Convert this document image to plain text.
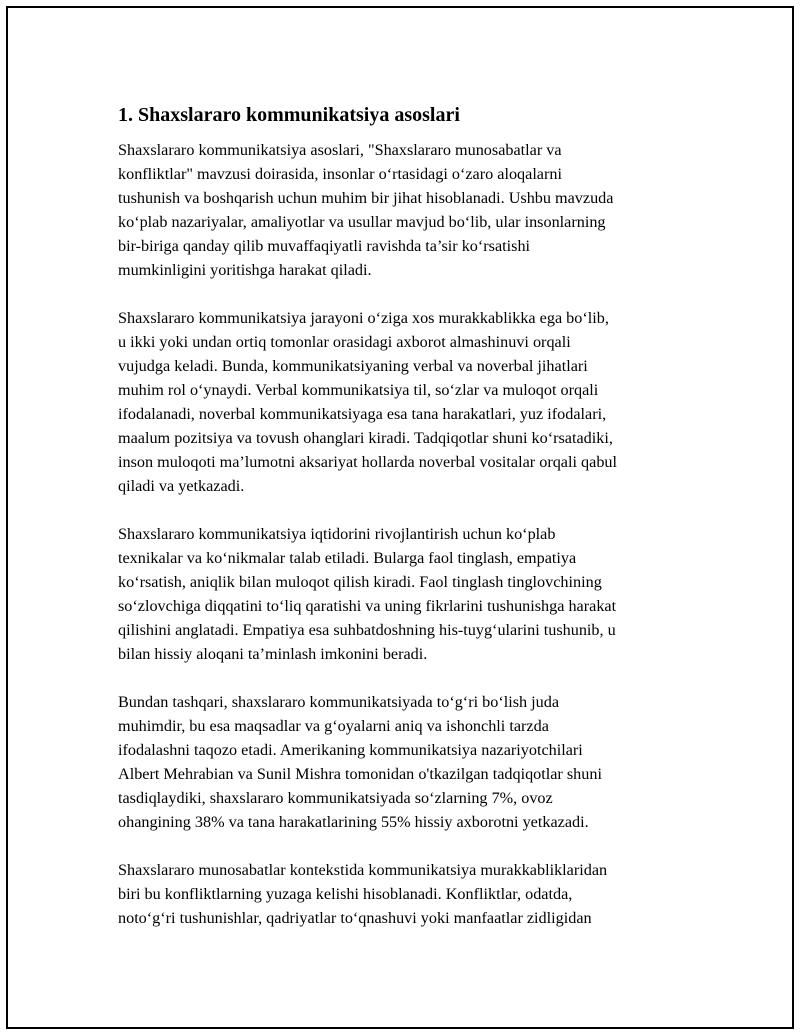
1. Shaxslararo kommunikatsiya asoslari
Shaxslararo kommunikatsiya asoslari, "Shaxslararo munosabatlar va
konfliktlar" mavzusi doirasida, insonlar o‘rtasidagi o‘zaro aloqalarni
tushunish va boshqarish uchun muhim bir jihat hisoblanadi. Ushbu mavzuda
ko‘plab nazariyalar, amaliyotlar va usullar mavjud bo‘lib, ular insonlarning
bir-biriga qanday qilib muvaffaqiyatli ravishda ta’sir ko‘rsatishi
mumkinligini yoritishga harakat qiladi.
Shaxslararo kommunikatsiya jarayoni o‘ziga xos murakkablikka ega bo‘lib,
u ikki yoki undan ortiq tomonlar orasidagi axborot almashinuvi orqali
vujudga keladi. Bunda, kommunikatsiyaning verbal va noverbal jihatlari
muhim rol o‘ynaydi. Verbal kommunikatsiya til, so‘zlar va muloqot orqali
ifodalanadi, noverbal kommunikatsiyaga esa tana harakatlari, yuz ifodalari,
maalum pozitsiya va tovush ohanglari kiradi. Tadqiqotlar shuni ko‘rsatadiki,
inson muloqoti ma’lumotni aksariyat hollarda noverbal vositalar orqali qabul
qiladi va yetkazadi.
Shaxslararo kommunikatsiya iqtidorini rivojlantirish uchun ko‘plab
texnikalar va ko‘nikmalar talab etiladi. Bularga faol tinglash, empatiya
ko‘rsatish, aniqlik bilan muloqot qilish kiradi. Faol tinglash tinglovchining
so‘zlovchiga diqqatini to‘liq qaratishi va uning fikrlarini tushunishga harakat
qilishini anglatadi. Empatiya esa suhbatdoshning his-tuyg‘ularini tushunib, u
bilan hissiy aloqani ta’minlash imkonini beradi.
Bundan tashqari, shaxslararo kommunikatsiyada to‘g‘ri bo‘lish juda
muhimdir, bu esa maqsadlar va g‘oyalarni aniq va ishonchli tarzda
ifodalashni taqozo etadi. Amerikaning kommunikatsiya nazariyotchilari
Albert Mehrabian va Sunil Mishra tomonidan o'tkazilgan tadqiqotlar shuni
tasdiqlaydiki, shaxslararo kommunikatsiyada so‘zlarning 7%, ovoz
ohangining 38% va tana harakatlarining 55% hissiy axborotni yetkazadi.
Shaxslararo munosabatlar kontekstida kommunikatsiya murakkabliklaridan
biri bu konfliktlarning yuzaga kelishi hisoblanadi. Konfliktlar, odatda,
noto‘g‘ri tushunishlar, qadriyatlar to‘qnashuvi yoki manfaatlar zidligidan
